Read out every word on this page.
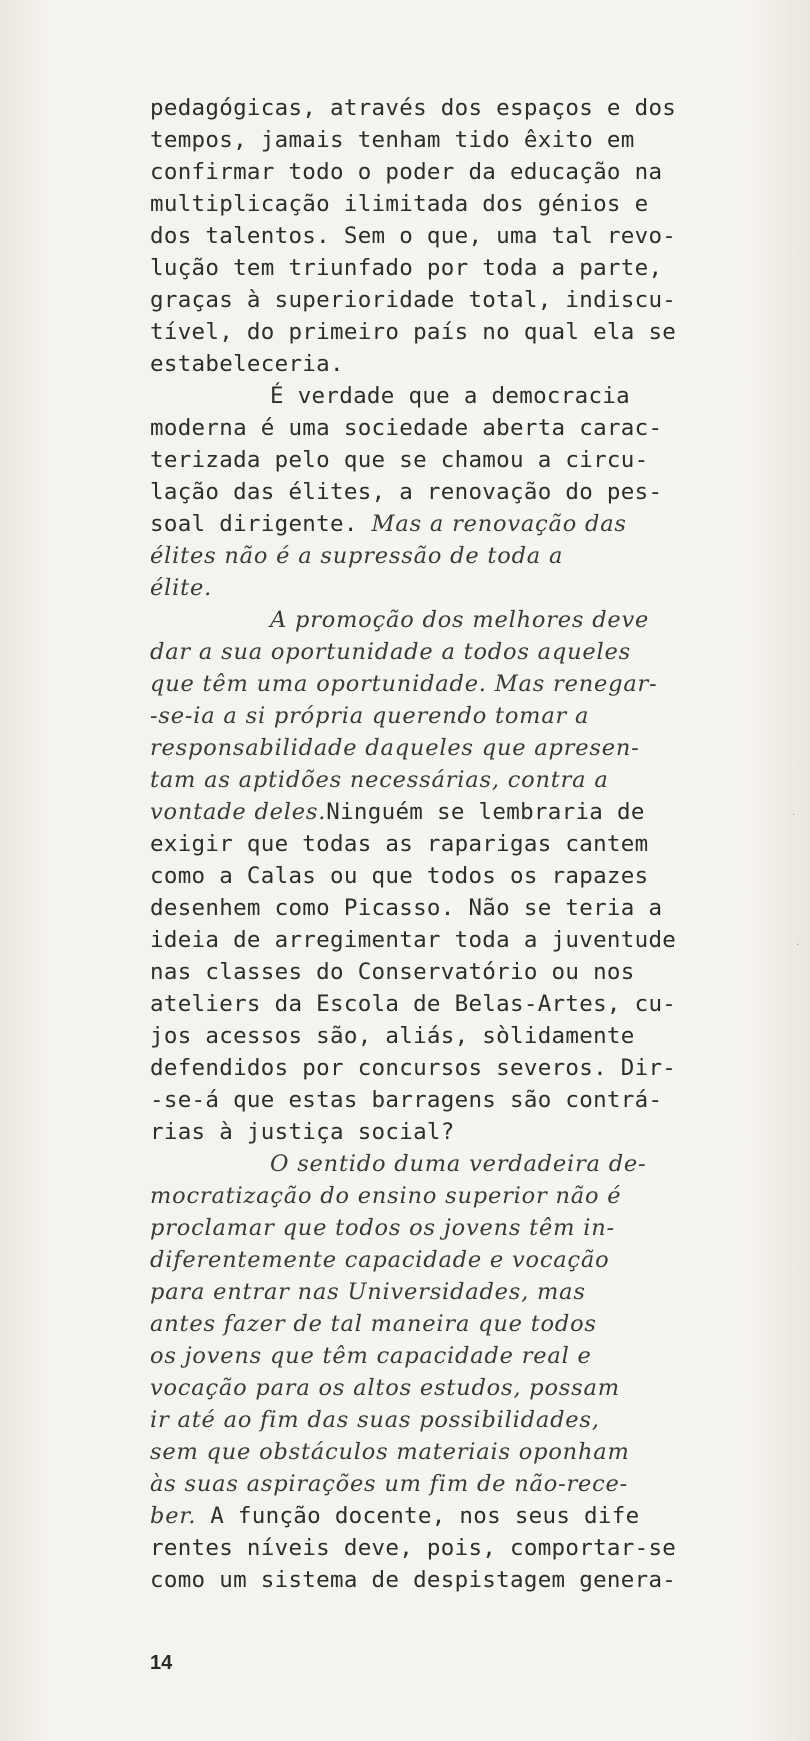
pedagógicas, através dos espaços e dos
tempos, jamais tenham tido êxito em
confirmar todo o poder da educação na
multiplicação ilimitada dos génios e
dos talentos. Sem o que, uma tal revo-
lução tem triunfado por toda a parte,
graças à superioridade total, indiscu-
tível, do primeiro país no qual ela se
estabeleceria.
É verdade que a democracia
moderna é uma sociedade aberta carac-
terizada pelo que se chamou a circu-
lação das élites, a renovação do pes-
soal dirigente. Mas a renovação das
élites não é a supressão de toda a
élite.
A promoção dos melhores deve
dar a sua oportunidade a todos aqueles
que têm uma oportunidade. Mas renegar-
-se-ia a si própria querendo tomar a
responsabilidade daqueles que apresen-
tam as aptidões necessárias, contra a
vontade deles.Ninguém se lembraria de
exigir que todas as raparigas cantem
como a Calas ou que todos os rapazes
desenhem como Picasso. Não se teria a
ideia de arregimentar toda a juventude
nas classes do Conservatório ou nos
ateliers da Escola de Belas-Artes, cu-
jos acessos são, aliás, sòlidamente
defendidos por concursos severos. Dir-
-se-á que estas barragens são contrá-
rias à justiça social?
O sentido duma verdadeira de-
mocratização do ensino superior não é
proclamar que todos os jovens têm in-
diferentemente capacidade e vocação
para entrar nas Universidades, mas
antes fazer de tal maneira que todos
os jovens que têm capacidade real e
vocação para os altos estudos, possam
ir até ao fim das suas possibilidades,
sem que obstáculos materiais oponham
às suas aspirações um fim de não-rece-
ber. A função docente, nos seus dife
rentes níveis deve, pois, comportar-se
como um sistema de despistagem genera-
14
·
·
